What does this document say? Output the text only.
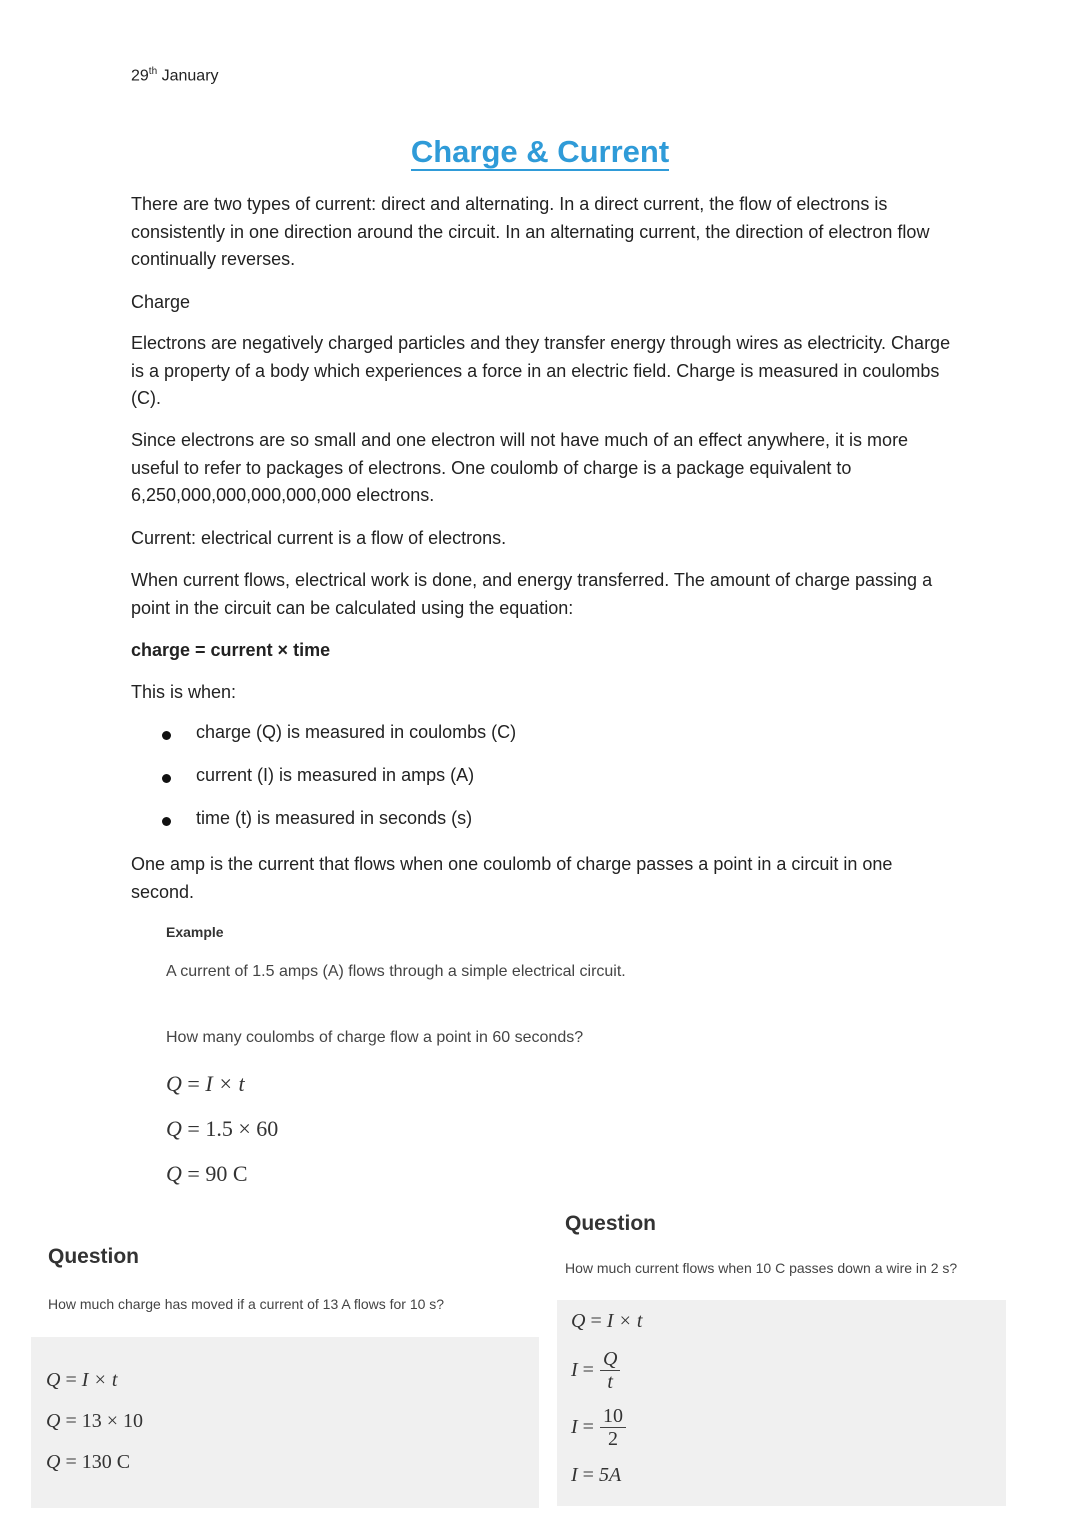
29th January
Charge & Current

There are two types of current: direct and alternating. In a direct current, the flow of electrons is consistently in one direction around the circuit. In an alternating current, the direction of electron flow continually reverses.

Charge

Electrons are negatively charged particles and they transfer energy through wires as electricity. Charge is a property of a body which experiences a force in an electric field. Charge is measured in coulombs (C).

Since electrons are so small and one electron will not have much of an effect anywhere, it is more useful to refer to packages of electrons. One coulomb of charge is a package equivalent to 6,250,000,000,000,000,000 electrons.

Current: electrical current is a flow of electrons.

When current flows, electrical work is done, and energy transferred. The amount of charge passing a point in the circuit can be calculated using the equation:

charge = current × time

This is when:

charge (Q) is measured in coulombs (C)
current (I) is measured in amps (A)
time (t) is measured in seconds (s)

One amp is the current that flows when one coulomb of charge passes a point in a circuit in one second.

Example

A current of 1.5 amps (A) flows through a simple electrical circuit.

How many coulombs of charge flow a point in 60 seconds?

Q = I × t
Q = 1.5 × 60
Q = 90 C
Question
How much charge has moved if a current of 13 A flows for 10 s?
Q = I × t
Q = 13 × 10
Q = 130 C
Question
How much current flows when 10 C passes down a wire in 2 s?
Q = I × t
$I = \frac{Q}{t}$
$I = \frac{10}{2}$
I = 5A
